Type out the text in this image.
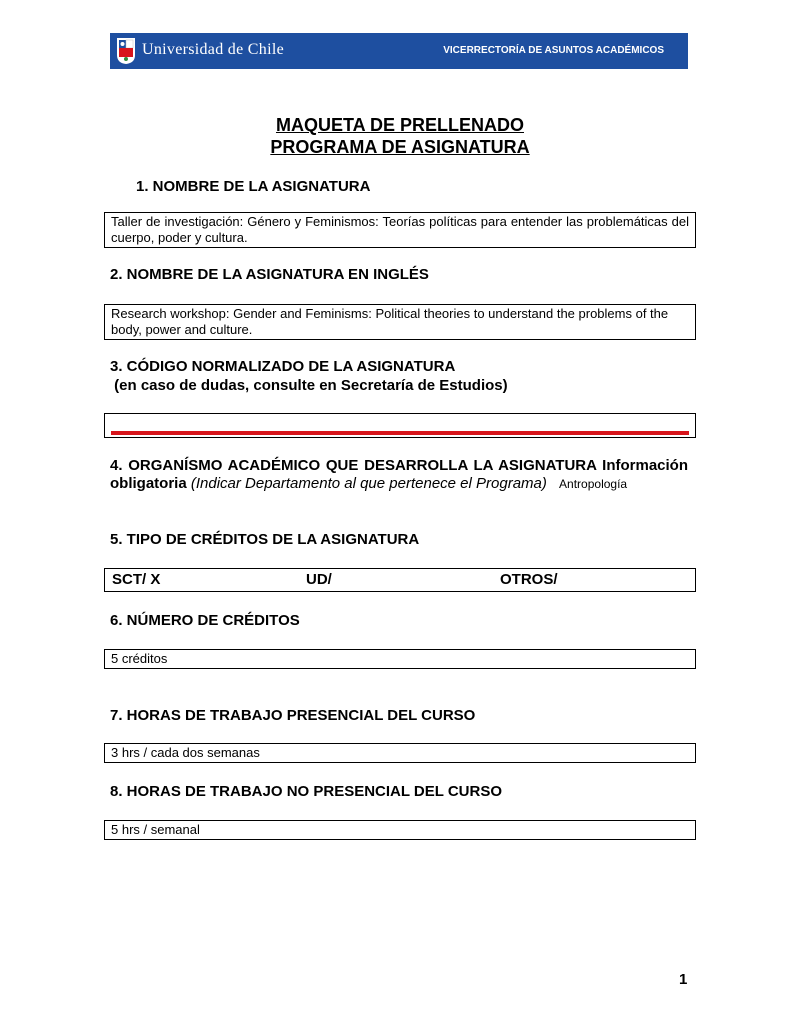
Universidad de Chile	VICERRECTORÍA DE ASUNTOS ACADÉMICOS
MAQUETA DE PRELLENADO
PROGRAMA DE ASIGNATURA
1. NOMBRE DE LA ASIGNATURA
Taller de investigación: Género y Feminismos: Teorías políticas para entender las problemáticas del cuerpo, poder y cultura.
2. NOMBRE DE LA ASIGNATURA EN INGLÉS
Research workshop: Gender and Feminisms: Political theories to understand the problems of the body, power and culture.
3. CÓDIGO NORMALIZADO DE LA ASIGNATURA
(en caso de dudas, consulte en Secretaría de Estudios)
4. ORGANÍSMO ACADÉMICO QUE DESARROLLA LA ASIGNATURA Información obligatoria (Indicar Departamento al que pertenece el Programa) Antropología
5. TIPO DE CRÉDITOS DE LA ASIGNATURA
SCT/ X	UD/	OTROS/
6. NÚMERO DE CRÉDITOS
5 créditos
7. HORAS DE TRABAJO PRESENCIAL DEL CURSO
3 hrs / cada dos semanas
8. HORAS DE TRABAJO NO PRESENCIAL DEL CURSO
5 hrs / semanal
1
